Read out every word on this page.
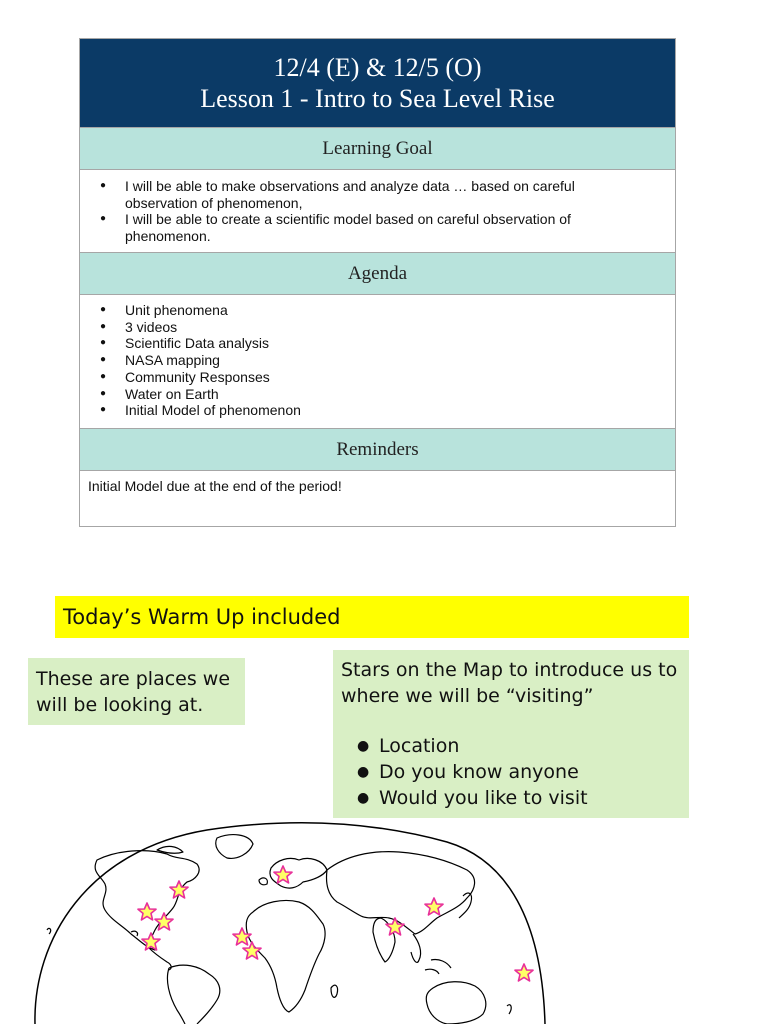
12/4 (E) & 12/5 (O)
Lesson 1 - Intro to Sea Level Rise
Learning Goal
● I will be able to make observations and analyze data … based on careful observation of phenomenon,
● I will be able to create a scientific model based on careful observation of phenomenon.
Agenda
● Unit phenomena
● 3 videos
● Scientific Data analysis
● NASA mapping
● Community Responses
● Water on Earth
● Initial Model of phenomenon
Reminders
Initial Model due at the end of the period!
Today’s Warm Up included
These are places we will be looking at.
Stars on the Map to introduce us to where we will be “visiting”
● Location
● Do you know anyone
● Would you like to visit
